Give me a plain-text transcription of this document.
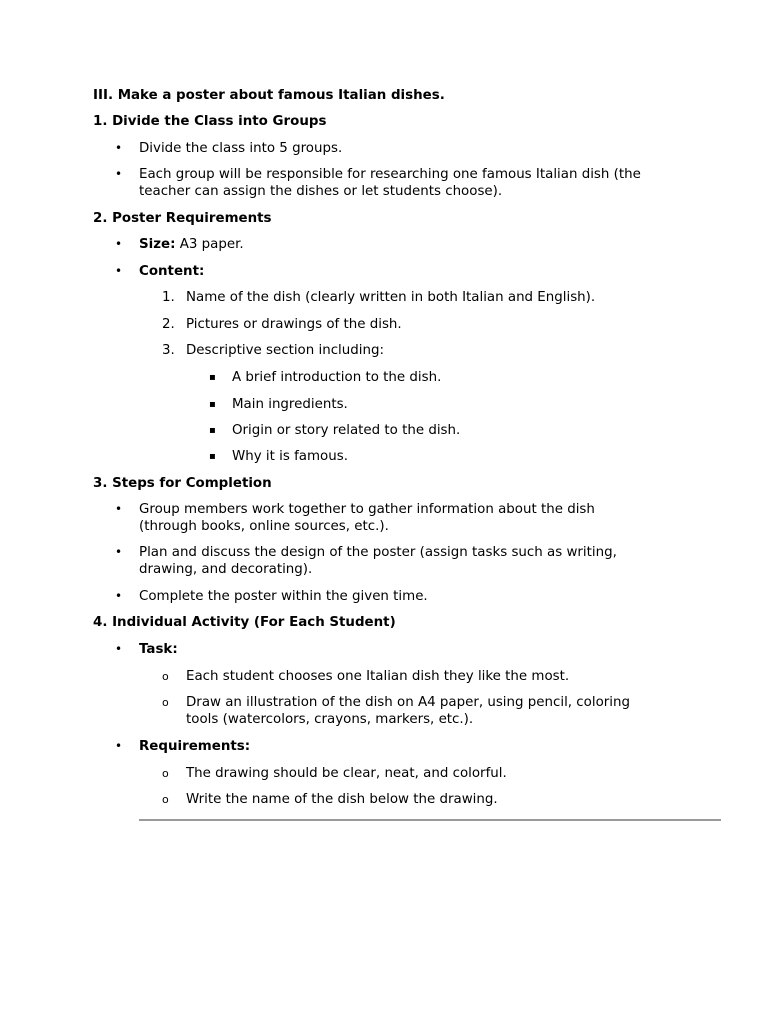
III. Make a poster about famous Italian dishes.
1. Divide the Class into Groups
• Divide the class into 5 groups.
• Each group will be responsible for researching one famous Italian dish (the
teacher can assign the dishes or let students choose).
2. Poster Requirements
• Size: A3 paper.
• Content:
1. Name of the dish (clearly written in both Italian and English).
2. Pictures or drawings of the dish.
3. Descriptive section including:
▪ A brief introduction to the dish.
▪ Main ingredients.
▪ Origin or story related to the dish.
▪ Why it is famous.
3. Steps for Completion
• Group members work together to gather information about the dish
(through books, online sources, etc.).
• Plan and discuss the design of the poster (assign tasks such as writing,
drawing, and decorating).
• Complete the poster within the given time.
4. Individual Activity (For Each Student)
• Task:
o Each student chooses one Italian dish they like the most.
o Draw an illustration of the dish on A4 paper, using pencil, coloring
tools (watercolors, crayons, markers, etc.).
• Requirements:
o The drawing should be clear, neat, and colorful.
o Write the name of the dish below the drawing.
